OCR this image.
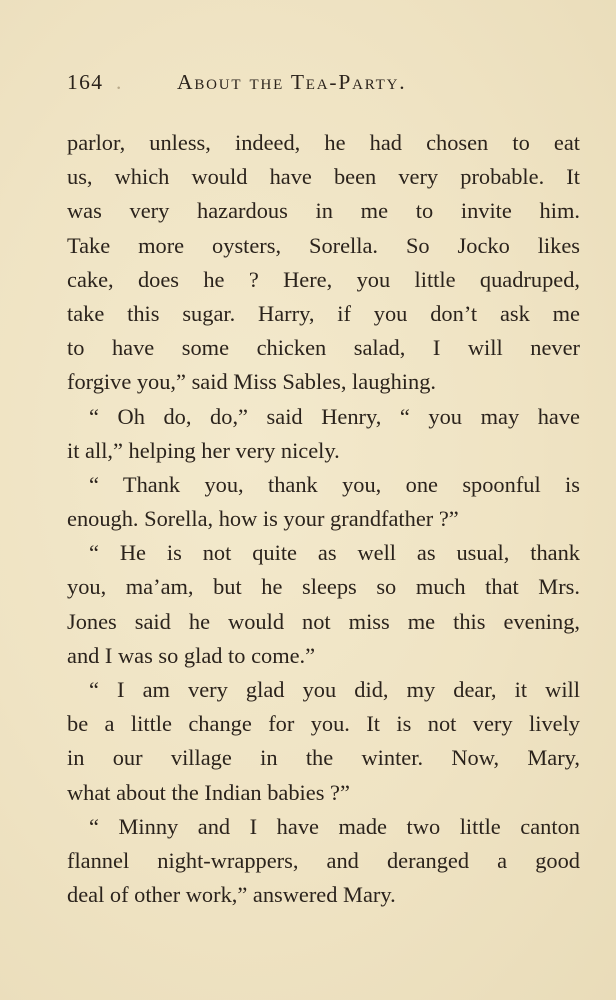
164 .	About the Tea-Party.
parlor, unless, indeed, he had chosen to eat
us, which would have been very probable. It
was very hazardous in me to invite him.
Take more oysters, Sorella. So Jocko likes
cake, does he ? Here, you little quadruped,
take this sugar. Harry, if you don’t ask me
to have some chicken salad, I will never
forgive you,” said Miss Sables, laughing.
“ Oh do, do,” said Henry, “ you may have
it all,” helping her very nicely.
“ Thank you, thank you, one spoonful is
enough. Sorella, how is your grandfather ?”
“ He is not quite as well as usual, thank
you, ma’am, but he sleeps so much that Mrs.
Jones said he would not miss me this evening,
and I was so glad to come.”
“ I am very glad you did, my dear, it will
be a little change for you. It is not very lively
in our village in the winter. Now, Mary,
what about the Indian babies ?”
“ Minny and I have made two little canton
flannel night-wrappers, and deranged a good
deal of other work,” answered Mary.
